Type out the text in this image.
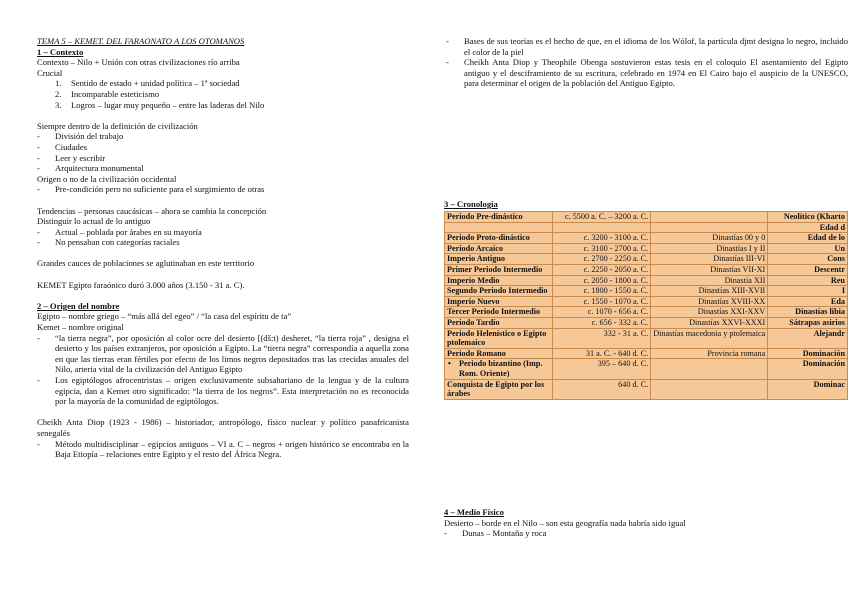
TEMA 5 – KEMET. DEL FARAONATO A LOS OTOMANOS

1 – Contexto

Contexto – Nilo + Unión con otras civilizaciones río arriba

Crucial

1. Sentido de estado + unidad política – 1ª sociedad

2. Incomparable esteticismo

3. Logros – lugar muy pequeño – entre las laderas del Nilo

Siempre dentro de la definición de civilización

- División del trabajo

- Ciudades

- Leer y escribir

- Arquitectura monumental

Origen o no de la civilización occidental

- Pre-condición pero no suficiente para el surgimiento de otras

Tendencias – personas caucásicas – ahora se cambia la concepción

Distinguir lo actual de lo antiguo

- Actual – poblada por árabes en su mayoría

- No pensaban con categorías raciales

Grandes cauces de poblaciones se aglutinaban en este territorio

KEMET Egipto faraónico duró 3.000 años (3.150 - 31 a. C).

2 – Origen del nombre

Egipto – nombre griego – “más allá del egeo” / “la casa del espíritu de ta”

Kemet – nombre original

- “la tierra negra”, por oposición al color ocre del desierto [(dš:t) desheret, “la tierra roja” , designa el desierto y los países extranjeros, por oposición a Egipto. La “tierra negra” correspondía a aquella zona en que las tierras eran fértiles por efecto de los limos negros depositados tras las crecidas anuales del Nilo, arteria vital de la civilización del Antiguo Egipto

- Los egiptólogos afrocentristas – origen exclusivamente subsahariano de la lengua y de la cultura egipcia, dan a Kemet otro significado: “la tierra de los negros”. Esta interpretación no es reconocida por la mayoría de la comunidad de egiptólogos.

Cheikh Anta Diop (1923 - 1986) – historiador, antropólogo, físico nuclear y político panafricanista senegalés

- Método multidisciplinar – egipcios antiguos – VI a. C – negros + origen histórico se encontraba en la Baja Etiopía – relaciones entre Egipto y el resto del África Negra.

- Bases de sus teorías es el hecho de que, en el idioma de los Wólof, la partícula djmt designa lo negro, incluido el color de la piel

- Cheikh Anta Diop y Theophile Obenga sostuvieron estas tesis en el coloquio El asentamiento del Egipto antiguo y el desciframiento de su escritura, celebrado en 1974 en El Cairo bajo el auspicio de la UNESCO, para determinar el origen de la población del Antiguo Egipto.

3 – Cronología

Periodo Pre-dinástico	c. 5500 a. C. – 3200 a. C.		Neolítico (Kharto
			Edad d
Periodo Proto-dinástico	c. 3200 - 3100 a. C.	Dinastías 00 y 0	Edad de lo
Periodo Arcaico	c. 3100 - 2700 a. C.	Dinastías I y II	Un
Imperio Antiguo	c. 2700 - 2250 a. C.	Dinastías III-VI	Cons
Primer Periodo Intermedio	c. 2250 - 2050 a. C.	Dinastías VII-XI	Descentr
Imperio Medio	c. 2050 - 1800 a. C.	Dinastía XII	Reu
Segundo Periodo Intermedio	c. 1800 - 1550 a. C.	Dinastías XIII-XVII	I
Imperio Nuevo	c. 1550 - 1070 a. C.	Dinastías XVIII-XX	Eda
Tercer Periodo Intermedio	c. 1070 - 656 a. C.	Dinastías XXI-XXV	Dinastías libia
Periodo Tardío	c. 656 - 332 a. C.	Dinastías XXVI-XXXI	Sátrapas asirios
Periodo Helenístico o Egipto ptolemaico	332 - 31 a. C.	Dinastías macedonia y ptolemaica	Alejandr
Periodo Romano	31 a. C. - 640 d. C.	Provincia romana	Dominación
• Periodo bizantino (Imp. Rom. Oriente)	395 – 640 d. C.		Dominación
Conquista de Egipto por los árabes	640 d. C.		Dominac

4 – Medio Físico

Desierto – borde en el Nilo – son esta geografía nada habría sido igual

- Dunas – Montaña y roca
